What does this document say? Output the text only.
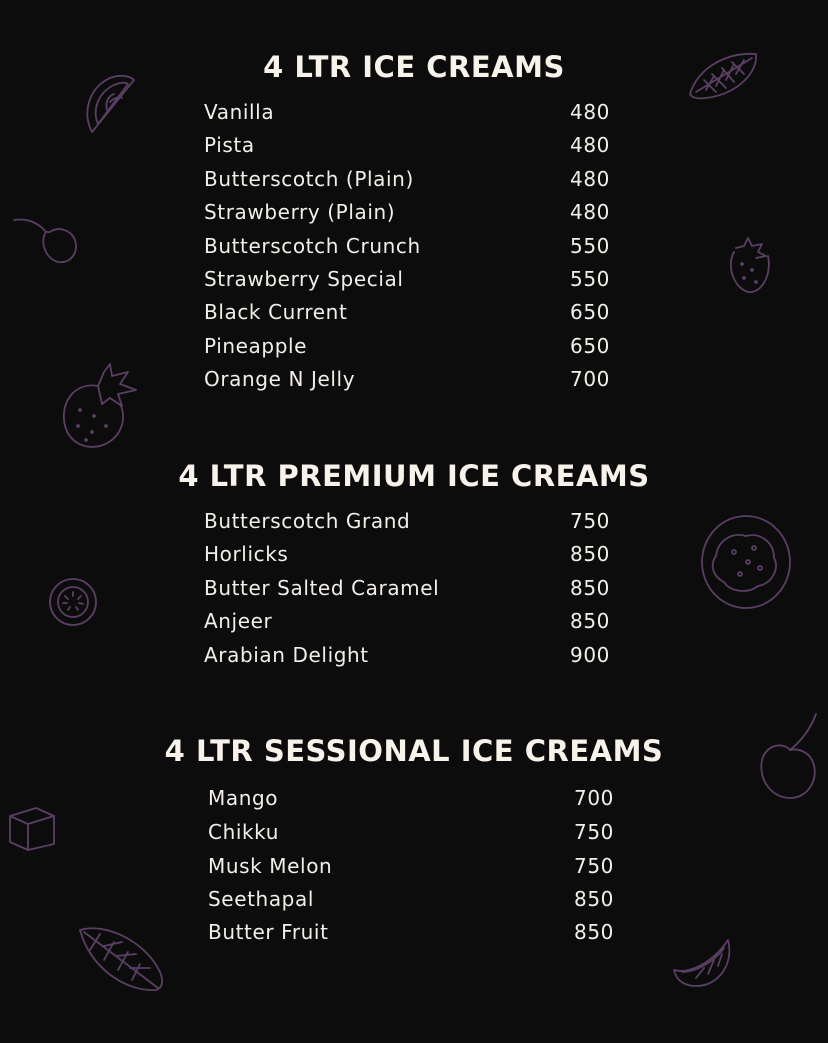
4 LTR ICE CREAMS
Vanilla	480
Pista	480
Butterscotch (Plain)	480
Strawberry (Plain)	480
Butterscotch Crunch	550
Strawberry Special	550
Black Current	650
Pineapple	650
Orange N Jelly	700
4 LTR PREMIUM ICE CREAMS
Butterscotch Grand	750
Horlicks	850
Butter Salted Caramel	850
Anjeer	850
Arabian Delight	900
4 LTR SESSIONAL ICE CREAMS
Mango	700
Chikku	750
Musk Melon	750
Seethapal	850
Butter Fruit	850
